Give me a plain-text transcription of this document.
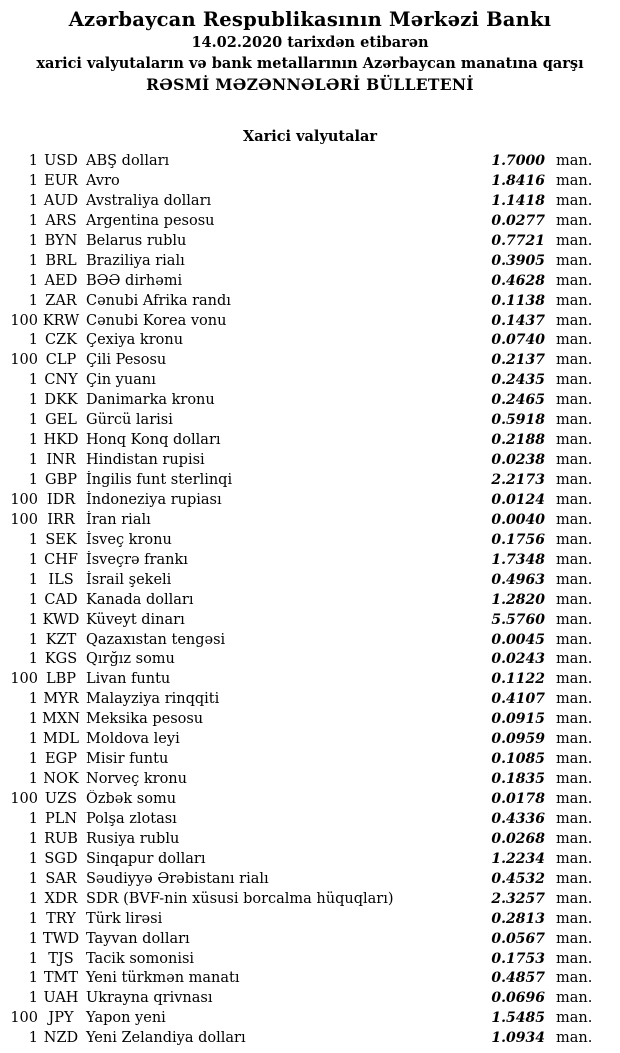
Azərbaycan Respublikasının Mərkəzi Bankı
14.02.2020 tarixdən etibarən
xarici valyutaların və bank metallarının Azərbaycan manatına qarşı
RƏSMİ MƏZƏNNƏLƏRİ BÜLLETENİ
Xarici valyutalar
1 USD ABŞ dolları	1.7000 man.
1 EUR Avro	1.8416 man.
1 AUD Avstraliya dolları	1.1418 man.
1 ARS Argentina pesosu	0.0277 man.
1 BYN Belarus rublu	0.7721 man.
1 BRL Braziliya rialı	0.3905 man.
1 AED BƏƏ dirhəmi	0.4628 man.
1 ZAR Cənubi Afrika randı	0.1138 man.
100 KRW Cənubi Korea vonu	0.1437 man.
1 CZK Çexiya kronu	0.0740 man.
100 CLP Çili Pesosu	0.2137 man.
1 CNY Çin yuanı	0.2435 man.
1 DKK Danimarka kronu	0.2465 man.
1 GEL Gürcü larisi	0.5918 man.
1 HKD Honq Konq dolları	0.2188 man.
1 INR Hindistan rupisi	0.0238 man.
1 GBP İngilis funt sterlinqi	2.2173 man.
100 IDR İndoneziya rupiası	0.0124 man.
100 IRR İran rialı	0.0040 man.
1 SEK İsveç kronu	0.1756 man.
1 CHF İsveçrə frankı	1.7348 man.
1 ILS İsrail şekeli	0.4963 man.
1 CAD Kanada dolları	1.2820 man.
1 KWD Küveyt dinarı	5.5760 man.
1 KZT Qazaxıstan tengəsi	0.0045 man.
1 KGS Qırğız somu	0.0243 man.
100 LBP Livan funtu	0.1122 man.
1 MYR Malayziya rinqqiti	0.4107 man.
1 MXN Meksika pesosu	0.0915 man.
1 MDL Moldova leyi	0.0959 man.
1 EGP Misir funtu	0.1085 man.
1 NOK Norveç kronu	0.1835 man.
100 UZS Özbək somu	0.0178 man.
1 PLN Polşa zlotası	0.4336 man.
1 RUB Rusiya rublu	0.0268 man.
1 SGD Sinqapur dolları	1.2234 man.
1 SAR Səudiyyə Ərəbistanı rialı	0.4532 man.
1 XDR SDR (BVF-nin xüsusi borcalma hüquqları)	2.3257 man.
1 TRY Türk lirəsi	0.2813 man.
1 TWD Tayvan dolları	0.0567 man.
1 TJS Tacik somonisi	0.1753 man.
1 TMT Yeni türkmən manatı	0.4857 man.
1 UAH Ukrayna qrivnası	0.0696 man.
100 JPY Yapon yeni	1.5485 man.
1 NZD Yeni Zelandiya dolları	1.0934 man.
